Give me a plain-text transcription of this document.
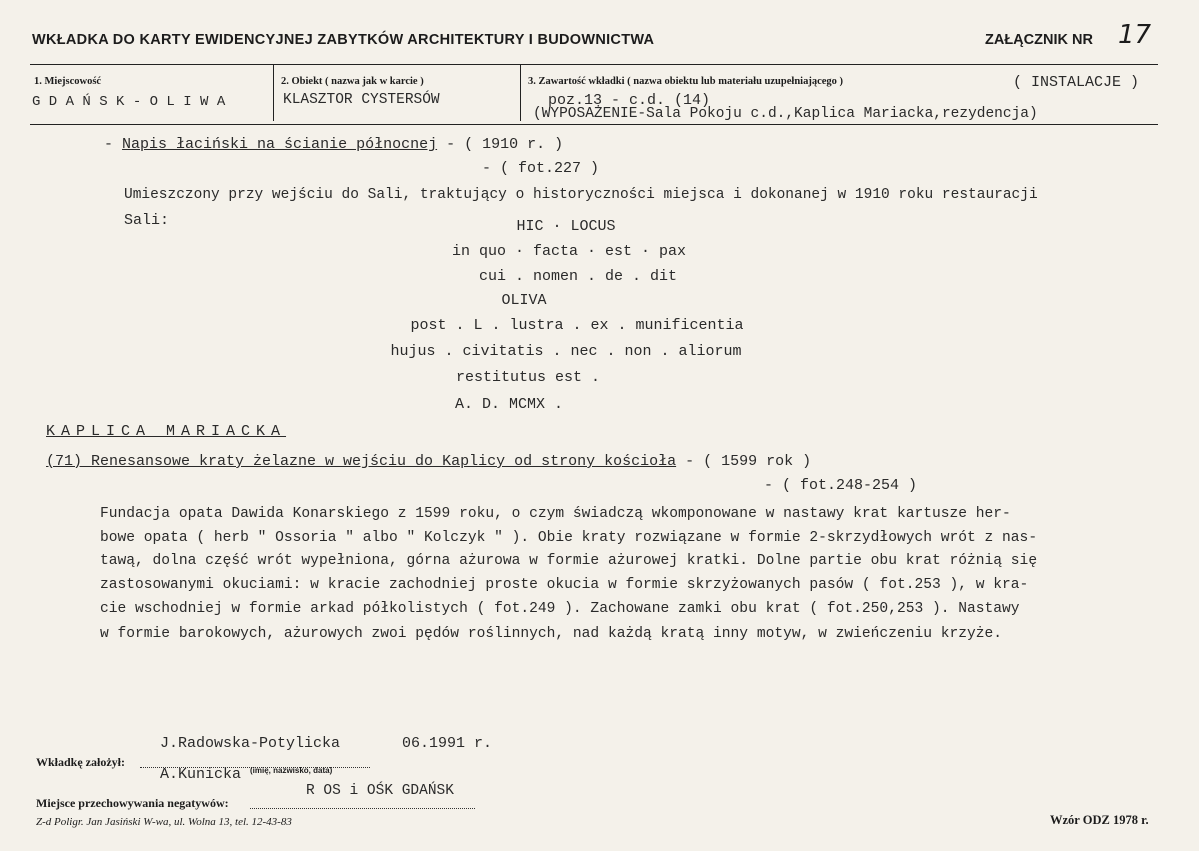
WKŁADKA DO KARTY EWIDENCYJNEJ ZABYTKÓW ARCHITEKTURY I BUDOWNICTWA	ZAŁĄCZNIK NR 17
1. Miejscowość
G D A Ń S K - O L I W A
2. Obiekt ( nazwa jak w karcie )
KLASZTOR CYSTERSÓW
3. Zawartość wkładki ( nazwa obiektu lub materiału uzupełniającego )	( INSTALACJE )
poz.13 - c.d. (14)
(WYPOSAŻENIE-Sala Pokoju c.d.,Kaplica Mariacka,rezydencja)
- Napis łaciński na ścianie północnej - ( 1910 r. )
- ( fot.227 )
Umieszczony przy wejściu do Sali, traktujący o historyczności miejsca i dokonanej w 1910 roku restauracji
Sali:	HIC · LOCUS
in quo · facta · est · pax
cui . nomen . de . dit
OLIVA
post . L . lustra . ex . munificentia
hujus . civitatis . nec . non . aliorum
restitutus est .
A. D. MCMX .
KAPLICA MARIACKA
(71) Renesansowe kraty żelazne w wejściu do Kaplicy od strony kościoła - ( 1599 rok )
- ( fot.248-254 )
Fundacja opata Dawida Konarskiego z 1599 roku, o czym świadczą wkomponowane w nastawy krat kartusze her-
bowe opata ( herb " Ossoria " albo " Kolczyk " ). Obie kraty rozwiązane w formie 2-skrzydłowych wrót z nas-
tawą, dolna część wrót wypełniona, górna ażurowa w formie ażurowej kratki. Dolne partie obu krat różnią się
zastosowanymi okuciami: w kracie zachodniej proste okucia w formie skrzyżowanych pasów ( fot.253 ), w kra-
cie wschodniej w formie arkad półkolistych ( fot.249 ). Zachowane zamki obu krat ( fot.250,253 ). Nastawy
w formie barokowych, ażurowych zwoi pędów roślinnych, nad każdą kratą inny motyw, w zwieńczeniu krzyże.
J.Radowska-Potylicka	06.1991 r.
Wkładkę założył:
A.Kunicka (imię, nazwisko, data)
R OS i OŚK GDAŃSK
Miejsce przechowywania negatywów:
Z-d Poligr. Jan Jasiński W-wa, ul. Wolna 13, tel. 12-43-83	Wzór ODZ 1978 r.
